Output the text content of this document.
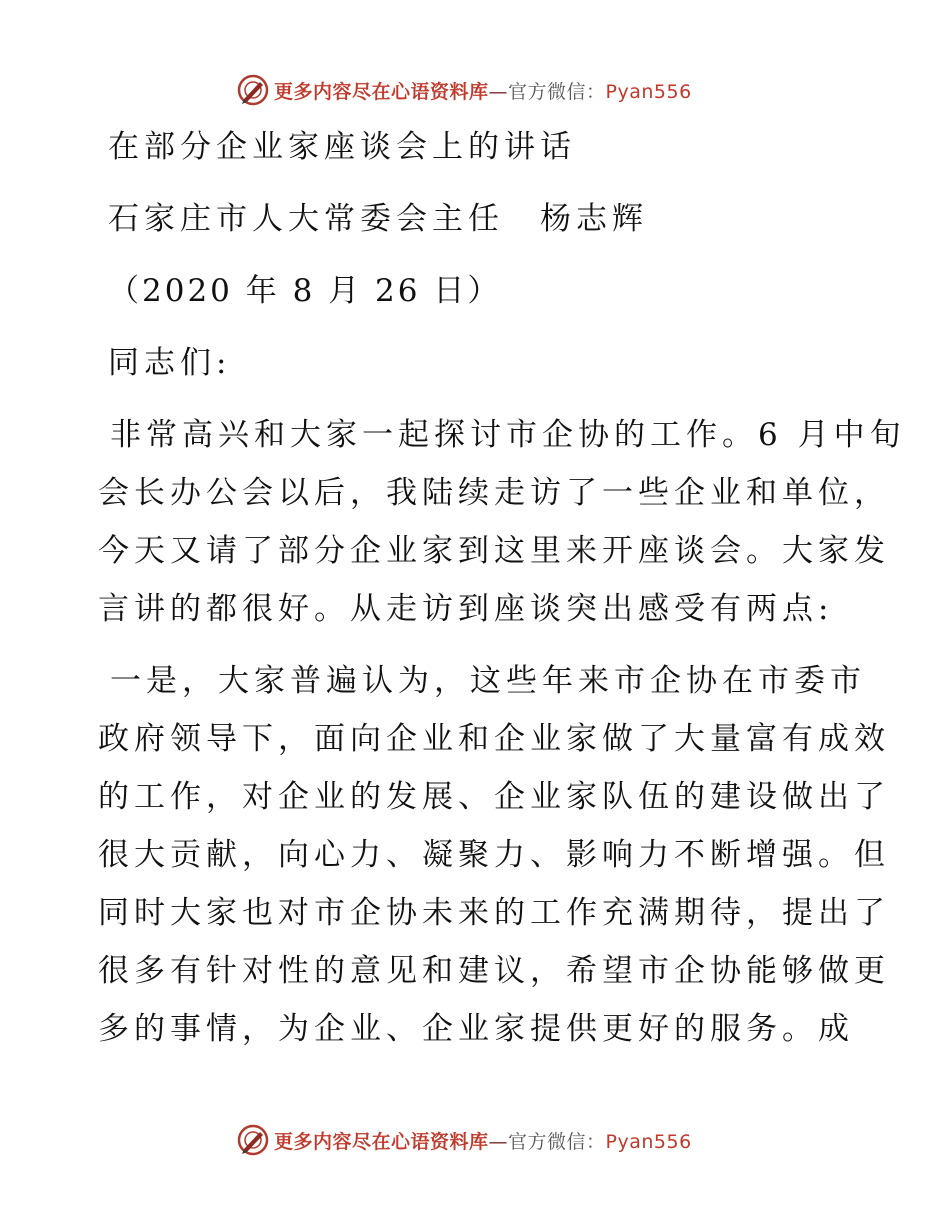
更多内容尽在心语资料库—官方微信：Pyan556

在部分企业家座谈会上的讲话

石家庄市人大常委会主任　杨志辉

（2020 年 8 月 26 日）

同志们:

非常高兴和大家一起探讨市企协的工作。6 月中旬
会长办公会以后，我陆续走访了一些企业和单位，
今天又请了部分企业家到这里来开座谈会。大家发
言讲的都很好。从走访到座谈突出感受有两点:

一是，大家普遍认为，这些年来市企协在市委市
政府领导下，面向企业和企业家做了大量富有成效
的工作，对企业的发展、企业家队伍的建设做出了
很大贡献，向心力、凝聚力、影响力不断增强。但
同时大家也对市企协未来的工作充满期待，提出了
很多有针对性的意见和建议，希望市企协能够做更
多的事情，为企业、企业家提供更好的服务。成

更多内容尽在心语资料库—官方微信：Pyan556
